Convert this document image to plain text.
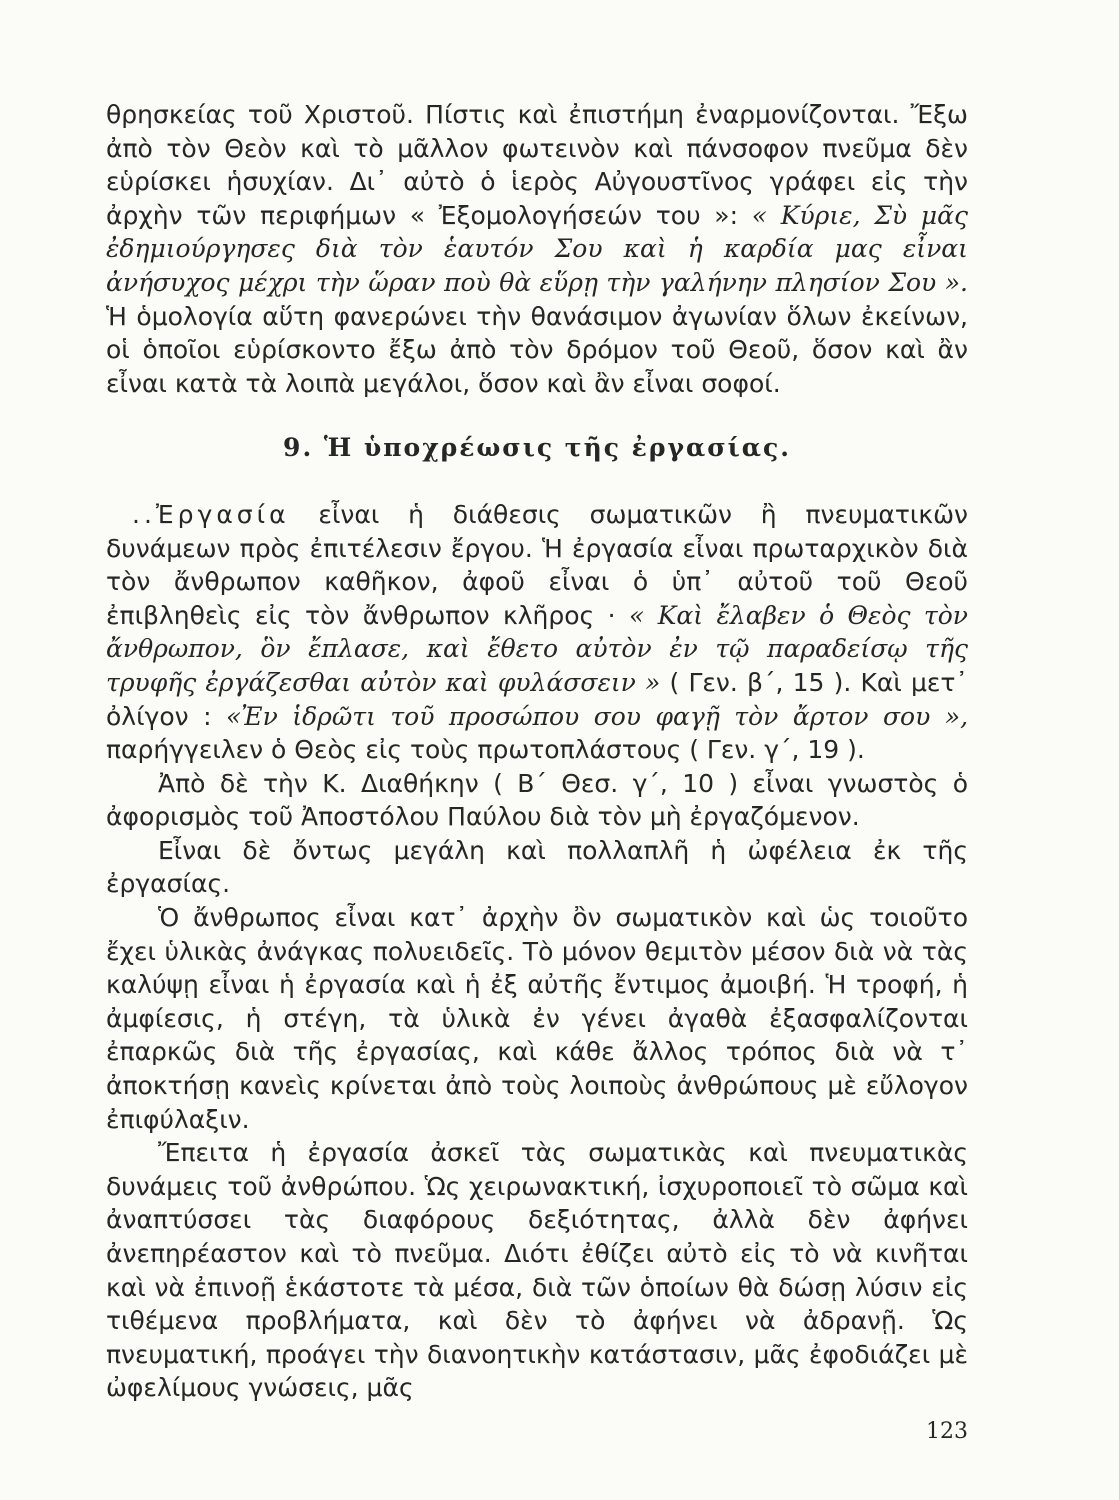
θρησκείας τοῦ Χριστοῦ. Πίστις καὶ ἐπιστήμη ἐναρμονίζονται. Ἔξω ἀπὸ τὸν Θεὸν καὶ τὸ μᾶλλον φωτεινὸν καὶ πάνσοφον πνεῦμα δὲν εὑρίσκει ἡσυχίαν. Δι᾽ αὐτὸ ὁ ἱερὸς Αὐγουστῖνος γράφει εἰς τὴν ἀρχὴν τῶν περιφήμων « Ἐξομολογήσεών του »: « Κύριε, Σὺ μᾶς ἐδημιούργησες διὰ τὸν ἑαυτόν Σου καὶ ἡ καρδία μας εἶναι ἀνήσυχος μέχρι τὴν ὥραν ποὺ θὰ εὕρῃ τὴν γαλήνην πλησίον Σου ». Ἡ ὁμολογία αὕτη φανερώνει τὴν θανάσιμον ἀγωνίαν ὅλων ἐκείνων, οἱ ὁποῖοι εὑρίσκοντο ἔξω ἀπὸ τὸν δρόμον τοῦ Θεοῦ, ὅσον καὶ ἂν εἶναι κατὰ τὰ λοιπὰ μεγάλοι, ὅσον καὶ ἂν εἶναι σοφοί.

9. Ἡ ὑποχρέωσις τῆς ἐργασίας.

..Ἐργασία εἶναι ἡ διάθεσις σωματικῶν ἢ πνευματικῶν δυνάμεων πρὸς ἐπιτέλεσιν ἔργου. Ἡ ἐργασία εἶναι πρωταρχικὸν διὰ τὸν ἄνθρωπον καθῆκον, ἀφοῦ εἶναι ὁ ὑπ᾽ αὐτοῦ τοῦ Θεοῦ ἐπιβληθεὶς εἰς τὸν ἄνθρωπον κλῆρος · « Καὶ ἔλαβεν ὁ Θεὸς τὸν ἄνθρωπον, ὃν ἔπλασε, καὶ ἔθετο αὐτὸν ἐν τῷ παραδείσῳ τῆς τρυφῆς ἐργάζεσθαι αὐτὸν καὶ φυλάσσειν » ( Γεν. β΄, 15 ). Καὶ μετ᾽ ὀλίγον : «Ἐν ἱδρῶτι τοῦ προσώπου σου φαγῇ τὸν ἄρτον σου », παρήγγειλεν ὁ Θεὸς εἰς τοὺς πρωτοπλάστους ( Γεν. γ΄, 19 ).

Ἀπὸ δὲ τὴν Κ. Διαθήκην ( Β΄ Θεσ. γ΄, 10 ) εἶναι γνωστὸς ὁ ἀφορισμὸς τοῦ Ἀποστόλου Παύλου διὰ τὸν μὴ ἐργαζόμενον.

Εἶναι δὲ ὄντως μεγάλη καὶ πολλαπλῆ ἡ ὠφέλεια ἐκ τῆς ἐργασίας.

Ὁ ἄνθρωπος εἶναι κατ᾽ ἀρχὴν ὂν σωματικὸν καὶ ὡς τοιοῦτο ἔχει ὑλικὰς ἀνάγκας πολυειδεῖς. Τὸ μόνον θεμιτὸν μέσον διὰ νὰ τὰς καλύψῃ εἶναι ἡ ἐργασία καὶ ἡ ἐξ αὐτῆς ἔντιμος ἀμοιβή. Ἡ τροφή, ἡ ἀμφίεσις, ἡ στέγη, τὰ ὑλικὰ ἐν γένει ἀγαθὰ ἐξασφαλίζονται ἐπαρκῶς διὰ τῆς ἐργασίας, καὶ κάθε ἄλλος τρόπος διὰ νὰ τ᾽ ἀποκτήσῃ κανεὶς κρίνεται ἀπὸ τοὺς λοιποὺς ἀνθρώπους μὲ εὔλογον ἐπιφύλαξιν.

Ἔπειτα ἡ ἐργασία ἀσκεῖ τὰς σωματικὰς καὶ πνευματικὰς δυνάμεις τοῦ ἀνθρώπου. Ὡς χειρωνακτική, ἰσχυροποιεῖ τὸ σῶμα καὶ ἀναπτύσσει τὰς διαφόρους δεξιότητας, ἀλλὰ δὲν ἀφήνει ἀνεπηρέαστον καὶ τὸ πνεῦμα. Διότι ἐθίζει αὐτὸ εἰς τὸ νὰ κινῆται καὶ νὰ ἐπινοῇ ἑκάστοτε τὰ μέσα, διὰ τῶν ὁποίων θὰ δώσῃ λύσιν εἰς τιθέμενα προβλήματα, καὶ δὲν τὸ ἀφήνει νὰ ἀδρανῇ. Ὡς πνευματική, προάγει τὴν διανοητικὴν κατάστασιν, μᾶς ἐφοδιάζει μὲ ὠφελίμους γνώσεις, μᾶς

123
